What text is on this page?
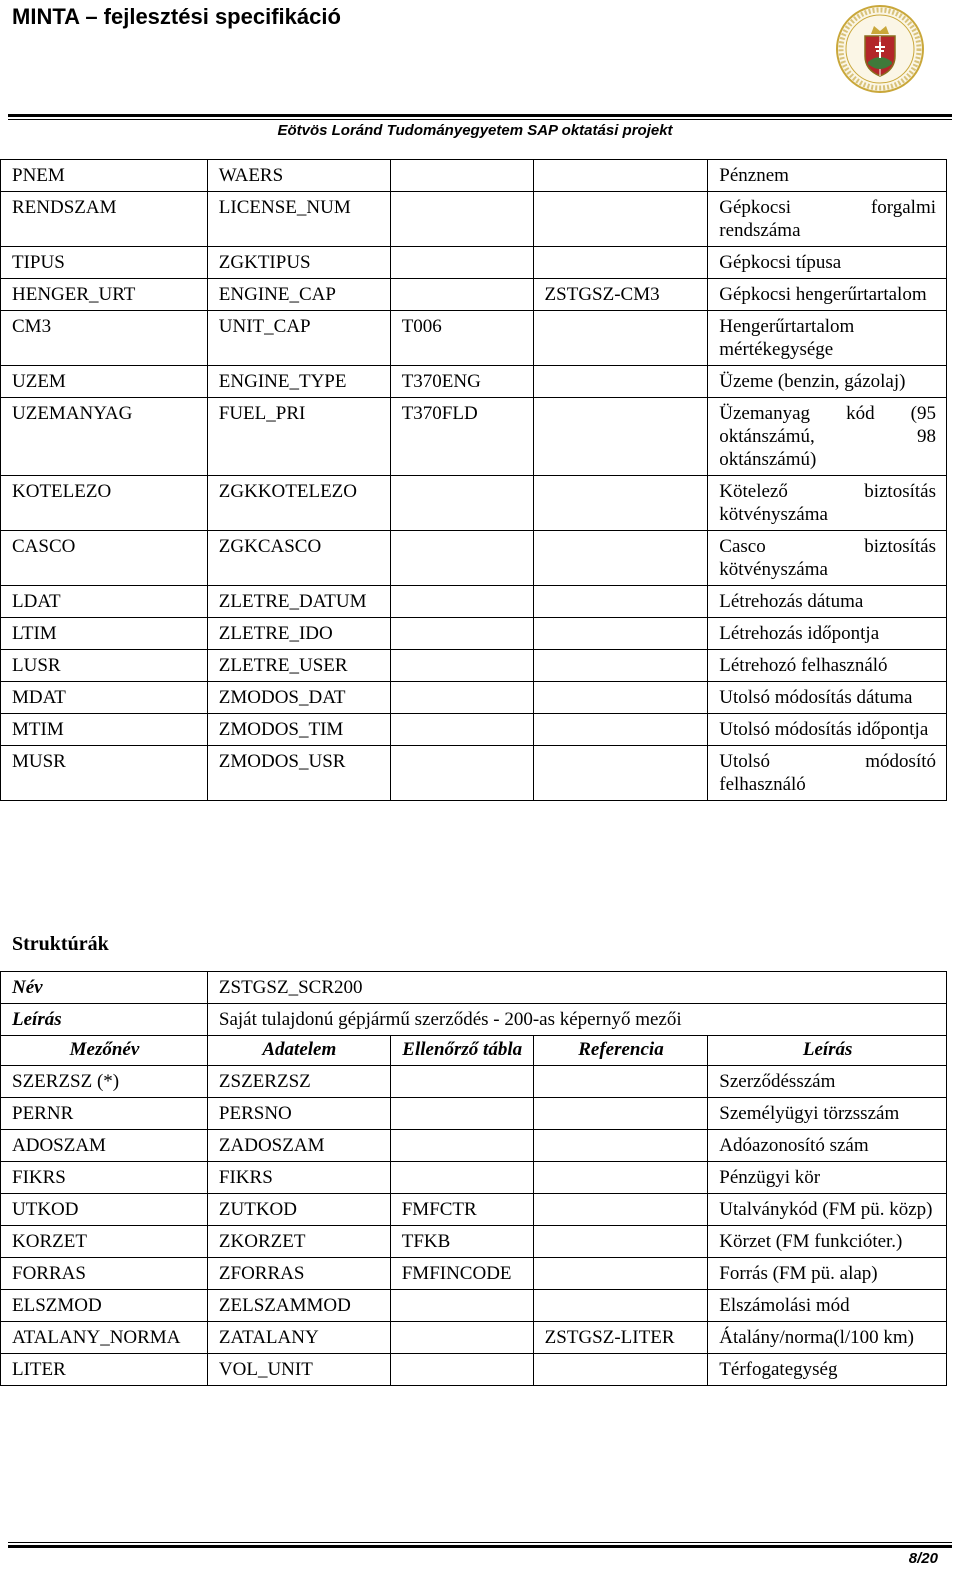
MINTA – fejlesztési specifikáció
Eötvös Loránd Tudományegyetem SAP oktatási projekt
PNEM	WAERS			Pénznem
RENDSZAM	LICENSE_NUM			Gépkocsi forgalmi rendszáma
TIPUS	ZGKTIPUS			Gépkocsi típusa
HENGER_URT	ENGINE_CAP		ZSTGSZ-CM3	Gépkocsi hengerűrtartalom
CM3	UNIT_CAP	T006		Hengerűrtartalom mértékegysége
UZEM	ENGINE_TYPE	T370ENG		Üzeme (benzin, gázolaj)
UZEMANYAG	FUEL_PRI	T370FLD		Üzemanyag kód (95 oktánszámú, 98 oktánszámú)
KOTELEZO	ZGKKOTELEZO			Kötelező biztosítás kötvényszáma
CASCO	ZGKCASCO			Casco biztosítás kötvényszáma
LDAT	ZLETRE_DATUM			Létrehozás dátuma
LTIM	ZLETRE_IDO			Létrehozás időpontja
LUSR	ZLETRE_USER			Létrehozó felhasználó
MDAT	ZMODOS_DAT			Utolsó módosítás dátuma
MTIM	ZMODOS_TIM			Utolsó módosítás időpontja
MUSR	ZMODOS_USR			Utolsó módosító felhasználó
Struktúrák
Név	ZSTGSZ_SCR200			
Leírás	Saját tulajdonú gépjármű szerződés - 200-as képernyő mezői			
Mezőnév	Adatelem	Ellenőrző tábla	Referencia	Leírás
SZERZSZ (*)	ZSZERZSZ			Szerződésszám
PERNR	PERSNO			Személyügyi törzsszám
ADOSZAM	ZADOSZAM			Adóazonosító szám
FIKRS	FIKRS			Pénzügyi kör
UTKOD	ZUTKOD	FMFCTR		Utalványkód (FM pü. közp)
KORZET	ZKORZET	TFKB		Körzet (FM funkcióter.)
FORRAS	ZFORRAS	FMFINCODE		Forrás (FM pü. alap)
ELSZMOD	ZELSZAMMOD			Elszámolási mód
ATALANY_NORMA	ZATALANY		ZSTGSZ-LITER	Átalány/norma(l/100 km)
LITER	VOL_UNIT			Térfogategység
8/20
